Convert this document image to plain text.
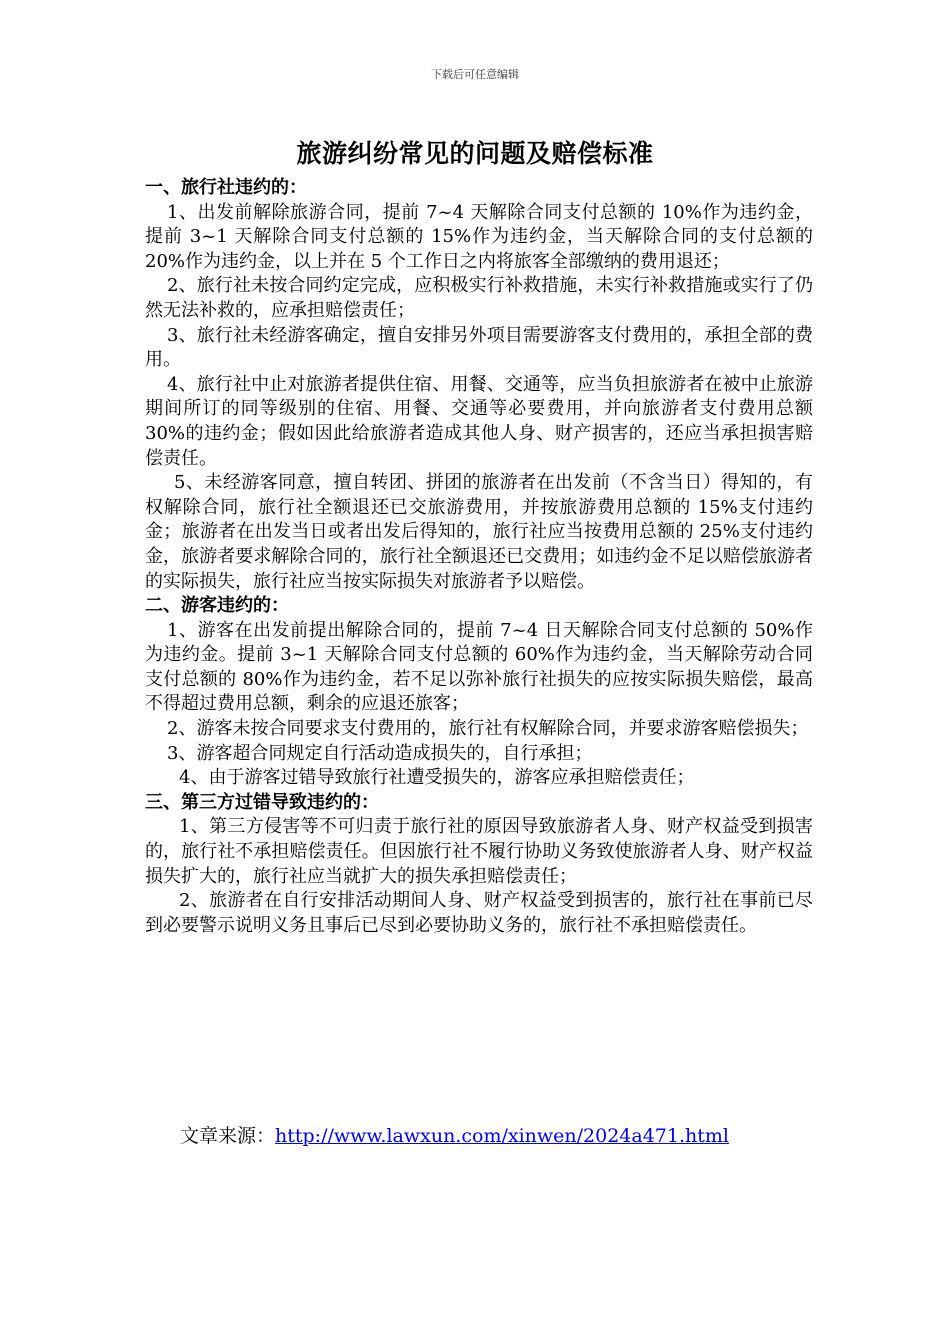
下载后可任意编辑
旅游纠纷常见的问题及赔偿标准
一、旅行社违约的：
1、出发前解除旅游合同，提前 7~4 天解除合同支付总额的 10%作为违约金，提前 3~1 天解除合同支付总额的 15%作为违约金，当天解除合同的支付总额的 20%作为违约金，以上并在 5 个工作日之内将旅客全部缴纳的费用退还；
2、旅行社未按合同约定完成，应积极实行补救措施，未实行补救措施或实行了仍然无法补救的，应承担赔偿责任；
3、旅行社未经游客确定，擅自安排另外项目需要游客支付费用的，承担全部的费用。
4、旅行社中止对旅游者提供住宿、用餐、交通等，应当负担旅游者在被中止旅游期间所订的同等级别的住宿、用餐、交通等必要费用，并向旅游者支付费用总额 30%的违约金；假如因此给旅游者造成其他人身、财产损害的，还应当承担损害赔偿责任。
5、未经游客同意，擅自转团、拼团的旅游者在出发前（不含当日）得知的，有权解除合同，旅行社全额退还已交旅游费用，并按旅游费用总额的 15%支付违约金；旅游者在出发当日或者出发后得知的，旅行社应当按费用总额的 25%支付违约金，旅游者要求解除合同的，旅行社全额退还已交费用；如违约金不足以赔偿旅游者的实际损失，旅行社应当按实际损失对旅游者予以赔偿。
二、游客违约的：
1、游客在出发前提出解除合同的，提前 7~4 日天解除合同支付总额的 50%作为违约金。提前 3~1 天解除合同支付总额的 60%作为违约金，当天解除劳动合同支付总额的 80%作为违约金，若不足以弥补旅行社损失的应按实际损失赔偿，最高不得超过费用总额，剩余的应退还旅客；
2、游客未按合同要求支付费用的，旅行社有权解除合同，并要求游客赔偿损失；
3、游客超合同规定自行活动造成损失的，自行承担；
4、由于游客过错导致旅行社遭受损失的，游客应承担赔偿责任；
三、第三方过错导致违约的：
1、第三方侵害等不可归责于旅行社的原因导致旅游者人身、财产权益受到损害的，旅行社不承担赔偿责任。但因旅行社不履行协助义务致使旅游者人身、财产权益损失扩大的，旅行社应当就扩大的损失承担赔偿责任；
2、旅游者在自行安排活动期间人身、财产权益受到损害的，旅行社在事前已尽到必要警示说明义务且事后已尽到必要协助义务的，旅行社不承担赔偿责任。
文章来源：http://www.lawxun.com/xinwen/2024a471.html
